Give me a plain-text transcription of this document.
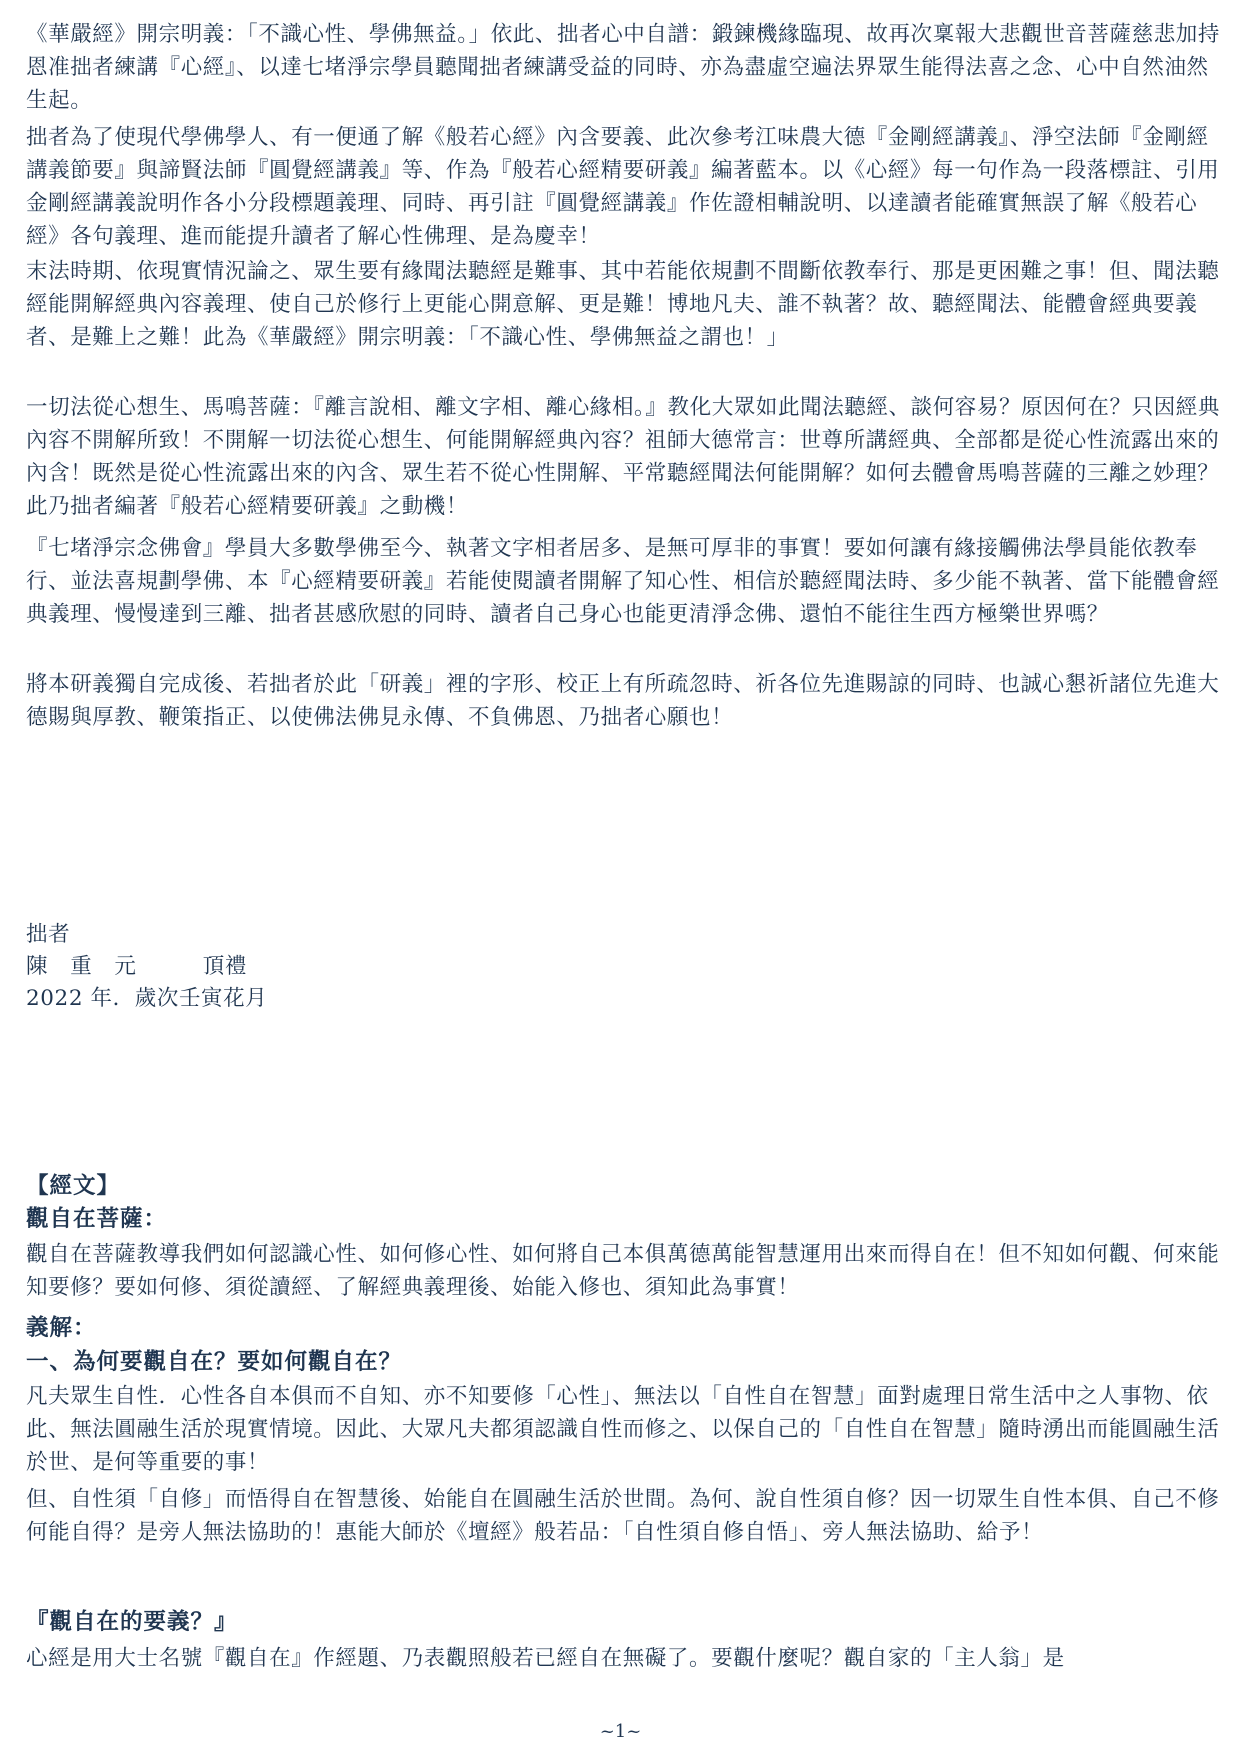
《華嚴經》開宗明義：「不識心性、學佛無益。」依此、拙者心中自譜：鍛鍊機緣臨現、故再次稟報大悲觀世音菩薩慈悲加持恩准拙者練講『心經』、以達七堵淨宗學員聽聞拙者練講受益的同時、亦為盡虛空遍法界眾生能得法喜之念、心中自然油然生起。

拙者為了使現代學佛學人、有一便通了解《般若心經》內含要義、此次參考江味農大德『金剛經講義』、淨空法師『金剛經講義節要』與諦賢法師『圓覺經講義』等、作為『般若心經精要研義』編著藍本。以《心經》每一句作為一段落標註、引用金剛經講義說明作各小分段標題義理、同時、再引註『圓覺經講義』作佐證相輔說明、以達讀者能確實無誤了解《般若心經》各句義理、進而能提升讀者了解心性佛理、是為慶幸！

末法時期、依現實情況論之、眾生要有緣聞法聽經是難事、其中若能依規劃不間斷依教奉行、那是更困難之事！但、聞法聽經能開解經典內容義理、使自己於修行上更能心開意解、更是難！博地凡夫、誰不執著？故、聽經聞法、能體會經典要義者、是難上之難！此為《華嚴經》開宗明義：「不識心性、學佛無益之謂也！」

一切法從心想生、馬鳴菩薩：『離言說相、離文字相、離心緣相。』教化大眾如此聞法聽經、談何容易？原因何在？只因經典內容不開解所致！不開解一切法從心想生、何能開解經典內容？祖師大德常言：世尊所講經典、全部都是從心性流露出來的內含！既然是從心性流露出來的內含、眾生若不從心性開解、平常聽經聞法何能開解？如何去體會馬鳴菩薩的三離之妙理？此乃拙者編著『般若心經精要研義』之動機！

『七堵淨宗念佛會』學員大多數學佛至今、執著文字相者居多、是無可厚非的事實！要如何讓有緣接觸佛法學員能依教奉行、並法喜規劃學佛、本『心經精要研義』若能使閱讀者開解了知心性、相信於聽經聞法時、多少能不執著、當下能體會經典義理、慢慢達到三離、拙者甚感欣慰的同時、讀者自己身心也能更清淨念佛、還怕不能往生西方極樂世界嗎？

將本研義獨自完成後、若拙者於此「研義」裡的字形、校正上有所疏忽時、祈各位先進賜諒的同時、也誠心懇祈諸位先進大德賜與厚教、鞭策指正、以使佛法佛見永傳、不負佛恩、乃拙者心願也！

拙者

陳　重　元　　　頂禮

2022 年．歲次壬寅花月

【經文】
觀自在菩薩：

觀自在菩薩教導我們如何認識心性、如何修心性、如何將自己本俱萬德萬能智慧運用出來而得自在！但不知如何觀、何來能知要修？要如何修、須從讀經、了解經典義理後、始能入修也、須知此為事實！

義解：
一、為何要觀自在？要如何觀自在？

凡夫眾生自性．心性各自本俱而不自知、亦不知要修「心性」、無法以「自性自在智慧」面對處理日常生活中之人事物、依此、無法圓融生活於現實情境。因此、大眾凡夫都須認識自性而修之、以保自己的「自性自在智慧」隨時湧出而能圓融生活於世、是何等重要的事！

但、自性須「自修」而悟得自在智慧後、始能自在圓融生活於世間。為何、說自性須自修？因一切眾生自性本俱、自己不修何能自得？是旁人無法協助的！惠能大師於《壇經》般若品：「自性須自修自悟」、旁人無法協助、給予！

『觀自在的要義？』

心經是用大士名號『觀自在』作經題、乃表觀照般若已經自在無礙了。要觀什麼呢？觀自家的「主人翁」是

~1~
